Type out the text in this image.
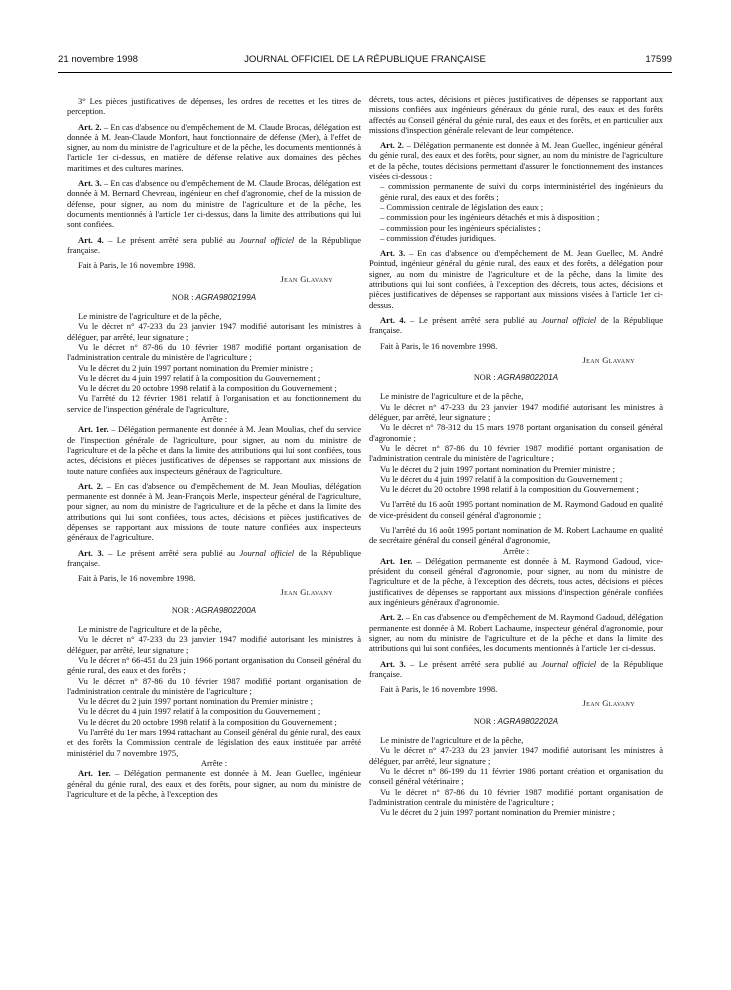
21 novembre 1998	JOURNAL OFFICIEL DE LA RÉPUBLIQUE FRANÇAISE	17599

3° Les pièces justificatives de dépenses, les ordres de recettes et les titres de perception.

Art. 2. – En cas d'absence ou d'empêchement de M. Claude Brocas, délégation est donnée à M. Jean-Claude Monfort, haut fonctionnaire de défense (Mer), à l'effet de signer, au nom du ministre de l'agriculture et de la pêche, les documents mentionnés à l'article 1er ci-dessus, en matière de défense relative aux domaines des pêches maritimes et des cultures marines.

Art. 3. – En cas d'absence ou d'empêchement de M. Claude Brocas, délégation est donnée à M. Bernard Chevreau, ingénieur en chef d'agronomie, chef de la mission de défense, pour signer, au nom du ministre de l'agriculture et de la pêche, les documents mentionnés à l'article 1er ci-dessus, dans la limite des attributions qui lui sont confiées.

Art. 4. – Le présent arrêté sera publié au Journal officiel de la République française.

Fait à Paris, le 16 novembre 1998.

Jean Glavany
NOR : AGRA9802199A

Le ministre de l'agriculture et de la pêche,

Vu le décret n° 47-233 du 23 janvier 1947 modifié autorisant les ministres à déléguer, par arrêté, leur signature ;

Vu le décret n° 87-86 du 10 février 1987 modifié portant organisation de l'administration centrale du ministère de l'agriculture ;

Vu le décret du 2 juin 1997 portant nomination du Premier ministre ;

Vu le décret du 4 juin 1997 relatif à la composition du Gouvernement ;

Vu le décret du 20 octobre 1998 relatif à la composition du Gouvernement ;

Vu l'arrêté du 12 février 1981 relatif à l'organisation et au fonctionnement du service de l'inspection générale de l'agriculture,

Arrête :

Art. 1er. – Délégation permanente est donnée à M. Jean Moulias, chef du service de l'inspection générale de l'agriculture, pour signer, au nom du ministre de l'agriculture et de la pêche et dans la limite des attributions qui lui sont confiées, tous actes, décisions et pièces justificatives de dépenses se rapportant aux missions de toute nature confiées aux inspecteurs généraux de l'agriculture.

Art. 2. – En cas d'absence ou d'empêchement de M. Jean Moulias, délégation permanente est donnée à M. Jean-François Merle, inspecteur général de l'agriculture, pour signer, au nom du ministre de l'agriculture et de la pêche et dans la limite des attributions qui lui sont confiées, tous actes, décisions et pièces justificatives de dépenses se rapportant aux missions de toute nature confiées aux inspecteurs généraux de l'agriculture.

Art. 3. – Le présent arrêté sera publié au Journal officiel de la République française.

Fait à Paris, le 16 novembre 1998.

Jean Glavany
NOR : AGRA9802200A

Le ministre de l'agriculture et de la pêche,

Vu le décret n° 47-233 du 23 janvier 1947 modifié autorisant les ministres à déléguer, par arrêté, leur signature ;

Vu le décret n° 66-451 du 23 juin 1966 portant organisation du Conseil général du génie rural, des eaux et des forêts ;

Vu le décret n° 87-86 du 10 février 1987 modifié portant organisation de l'administration centrale du ministère de l'agriculture ;

Vu le décret du 2 juin 1997 portant nomination du Premier ministre ;

Vu le décret du 4 juin 1997 relatif à la composition du Gouvernement ;

Vu le décret du 20 octobre 1998 relatif à la composition du Gouvernement ;

Vu l'arrêté du 1er mars 1994 rattachant au Conseil général du génie rural, des eaux et des forêts la Commission centrale de législation des eaux instituée par arrêté ministériel du 7 novembre 1975,

Arrête :

Art. 1er. – Délégation permanente est donnée à M. Jean Guellec, ingénieur général du génie rural, des eaux et des forêts, pour signer, au nom du ministre de l'agriculture et de la pêche, à l'exception des

décrets, tous actes, décisions et pièces justificatives de dépenses se rapportant aux missions confiées aux ingénieurs généraux du génie rural, des eaux et des forêts affectés au Conseil général du génie rural, des eaux et des forêts, et en particulier aux missions d'inspection générale relevant de leur compétence.

Art. 2. – Délégation permanente est donnée à M. Jean Guellec, ingénieur général du génie rural, des eaux et des forêts, pour signer, au nom du ministre de l'agriculture et de la pêche, toutes décisions permettant d'assurer le fonctionnement des instances visées ci-dessous :

– commission permanente de suivi du corps interministériel des ingénieurs du génie rural, des eaux et des forêts ;

– Commission centrale de législation des eaux ;

– commission pour les ingénieurs détachés et mis à disposition ;

– commission pour les ingénieurs spécialistes ;

– commission d'études juridiques.

Art. 3. – En cas d'absence ou d'empêchement de M. Jean Guellec, M. André Pointud, ingénieur général du génie rural, des eaux et des forêts, a délégation pour signer, au nom du ministre de l'agriculture et de la pêche, dans la limite des attributions qui lui sont confiées, à l'exception des décrets, tous actes, décisions et pièces justificatives de dépenses se rapportant aux missions visées à l'article 1er ci-dessus.

Art. 4. – Le présent arrêté sera publié au Journal officiel de la République française.

Fait à Paris, le 16 novembre 1998.

Jean Glavany
NOR : AGRA9802201A

Le ministre de l'agriculture et de la pêche,

Vu le décret n° 47-233 du 23 janvier 1947 modifié autorisant les ministres à déléguer, par arrêté, leur signature ;

Vu le décret n° 78-312 du 15 mars 1978 portant organisation du conseil général d'agronomie ;

Vu le décret n° 87-86 du 10 février 1987 modifié portant organisation de l'administration centrale du ministère de l'agriculture ;

Vu le décret du 2 juin 1997 portant nomination du Premier ministre ;

Vu le décret du 4 juin 1997 relatif à la composition du Gouvernement ;

Vu le décret du 20 octobre 1998 relatif à la composition du Gouvernement ;

Vu l'arrêté du 16 août 1995 portant nomination de M. Raymond Gadoud en qualité de vice-président du conseil général d'agronomie ;

Vu l'arrêté du 16 août 1995 portant nomination de M. Robert Lachaume en qualité de secrétaire général du conseil général d'agronomie,

Arrête :

Art. 1er. – Délégation permanente est donnée à M. Raymond Gadoud, vice-président du conseil général d'agronomie, pour signer, au nom du ministre de l'agriculture et de la pêche, à l'exception des décrets, tous actes, décisions et pièces justificatives de dépenses se rapportant aux missions d'inspection générale confiées aux ingénieurs généraux d'agronomie.

Art. 2. – En cas d'absence ou d'empêchement de M. Raymond Gadoud, délégation permanente est donnée à M. Robert Lachaume, inspecteur général d'agronomie, pour signer, au nom du ministre de l'agriculture et de la pêche et dans la limite des attributions qui lui sont confiées, les documents mentionnés à l'article 1er ci-dessus.

Art. 3. – Le présent arrêté sera publié au Journal officiel de la République française.

Fait à Paris, le 16 novembre 1998.

Jean Glavany
NOR : AGRA9802202A

Le ministre de l'agriculture et de la pêche,

Vu le décret n° 47-233 du 23 janvier 1947 modifié autorisant les ministres à déléguer, par arrêté, leur signature ;

Vu le décret n° 86-199 du 11 février 1986 portant création et organisation du conseil général vétérinaire ;

Vu le décret n° 87-86 du 10 février 1987 modifié portant organisation de l'administration centrale du ministère de l'agriculture ;

Vu le décret du 2 juin 1997 portant nomination du Premier ministre ;
